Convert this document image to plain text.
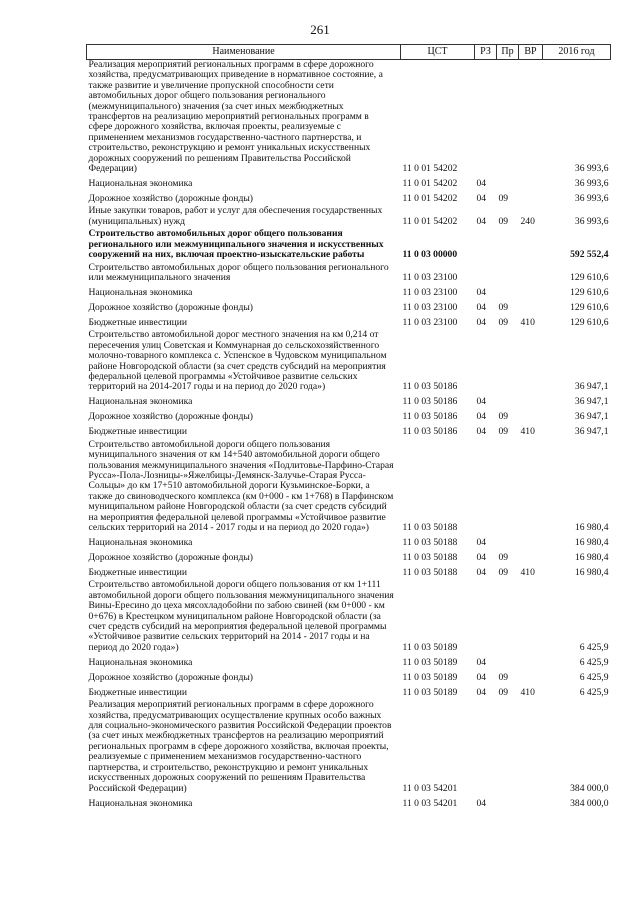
261
Наименование	ЦСТ	РЗ	Пр	ВР	2016 год
Реализация мероприятий региональных программ в сфере дорожного хозяйства, предусматривающих приведение в нормативное состояние, а также развитие и увеличение пропускной способности сети автомобильных дорог общего пользования регионального (межмуниципального) значения (за счет иных межбюджетных трансфертов на реализацию мероприятий региональных программ в сфере дорожного хозяйства, включая проекты, реализуемые с применением механизмов государственно-частного партнерства, и строительство, реконструкцию и ремонт уникальных искусственных дорожных сооружений по решениям Правительства Российской Федерации)	11 0 01 54202				36 993,6
Национальная экономика	11 0 01 54202	04			36 993,6
Дорожное хозяйство (дорожные фонды)	11 0 01 54202	04	09		36 993,6
Иные закупки товаров, работ и услуг для обеспечения государственных (муниципальных) нужд	11 0 01 54202	04	09	240	36 993,6
Строительство автомобильных дорог общего пользования регионального или межмуниципального значения и искусственных сооружений на них, включая проектно-изыскательские работы	11 0 03 00000				592 552,4
Строительство автомобильных дорог общего пользования регионального или межмуниципального значения	11 0 03 23100				129 610,6
Национальная экономика	11 0 03 23100	04			129 610,6
Дорожное хозяйство (дорожные фонды)	11 0 03 23100	04	09		129 610,6
Бюджетные инвестиции	11 0 03 23100	04	09	410	129 610,6
Строительство автомобильной дорог местного значения на км 0,214 от пересечения улиц Советская и Коммунарная до сельскохозяйственного молочно-товарного комплекса с. Успенское в Чудовском муниципальном районе Новгородской области (за счет средств субсидий на мероприятия федеральной целевой программы «Устойчивое развитие сельских территорий на 2014-2017 годы и на период до 2020 года»)	11 0 03 50186				36 947,1
Национальная экономика	11 0 03 50186	04			36 947,1
Дорожное хозяйство (дорожные фонды)	11 0 03 50186	04	09		36 947,1
Бюджетные инвестиции	11 0 03 50186	04	09	410	36 947,1
Строительство автомобильной дороги общего пользования муниципального значения от км 14+540 автомобильной дороги общего пользования межмуниципального значения «Подлитовье-Парфино-Старая Русса»-Пола-Лозницы-»Яжелбицы-Демянск-Залучье-Старая Русса-Сольцы» до км 17+510 автомобильной дороги Кузьминское-Борки, а также до свиноводческого комплекса (км 0+000 - км 1+768) в Парфинском муниципальном районе Новгородской области (за счет средств субсидий на мероприятия федеральной целевой программы «Устойчивое развитие сельских территорий на 2014 - 2017 годы и на период до 2020 года»)	11 0 03 50188				16 980,4
Национальная экономика	11 0 03 50188	04			16 980,4
Дорожное хозяйство (дорожные фонды)	11 0 03 50188	04	09		16 980,4
Бюджетные инвестиции	11 0 03 50188	04	09	410	16 980,4
Строительство автомобильной дороги общего пользования от км 1+111 автомобильной дороги общего пользования межмуниципального значения Вины-Ересино до цеха мясохладобойни по забою свиней (км 0+000 - км 0+676) в Крестецком муниципальном районе Новгородской области (за счет средств субсидий на мероприятия федеральной целевой программы «Устойчивое развитие сельских территорий на 2014 - 2017 годы и на период до 2020 года»)	11 0 03 50189				6 425,9
Национальная экономика	11 0 03 50189	04			6 425,9
Дорожное хозяйство (дорожные фонды)	11 0 03 50189	04	09		6 425,9
Бюджетные инвестиции	11 0 03 50189	04	09	410	6 425,9
Реализация мероприятий региональных программ в сфере дорожного хозяйства, предусматривающих осуществление крупных особо важных для социально-экономического развития Российской Федерации проектов (за счет иных межбюджетных трансфертов на реализацию мероприятий региональных программ в сфере дорожного хозяйства, включая проекты, реализуемые с применением механизмов государственно-частного партнерства, и строительство, реконструкцию и ремонт уникальных искусственных дорожных сооружений по решениям Правительства Российской Федерации)	11 0 03 54201				384 000,0
Национальная экономика	11 0 03 54201	04			384 000,0
